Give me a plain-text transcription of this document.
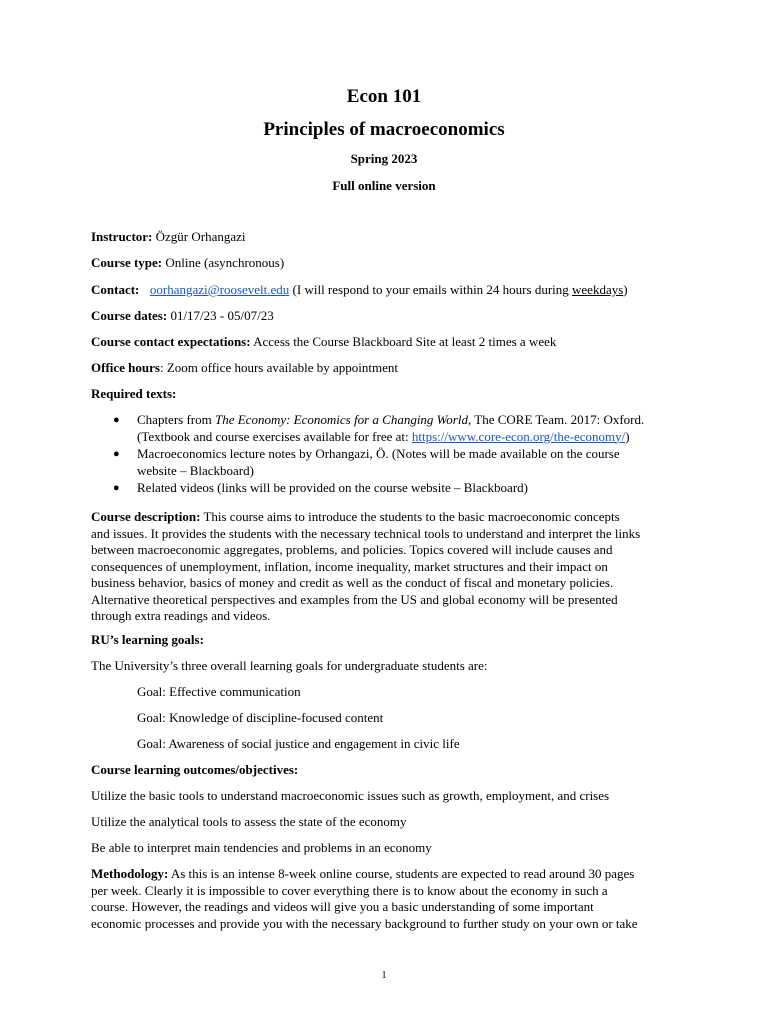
Econ 101
Principles of macroeconomics
Spring 2023
Full online version
Instructor: Özgür Orhangazi
Course type: Online (asynchronous)
Contact: oorhangazi@roosevelt.edu (I will respond to your emails within 24 hours during weekdays)
Course dates: 01/17/23 - 05/07/23
Course contact expectations: Access the Course Blackboard Site at least 2 times a week
Office hours: Zoom office hours available by appointment
Required texts:
● Chapters from The Economy: Economics for a Changing World, The CORE Team. 2017: Oxford.
(Textbook and course exercises available for free at: https://www.core-econ.org/the-economy/)
● Macroeconomics lecture notes by Orhangazi, Ö. (Notes will be made available on the course
website – Blackboard)
● Related videos (links will be provided on the course website – Blackboard)
Course description: This course aims to introduce the students to the basic macroeconomic concepts
and issues. It provides the students with the necessary technical tools to understand and interpret the links
between macroeconomic aggregates, problems, and policies. Topics covered will include causes and
consequences of unemployment, inflation, income inequality, market structures and their impact on
business behavior, basics of money and credit as well as the conduct of fiscal and monetary policies.
Alternative theoretical perspectives and examples from the US and global economy will be presented
through extra readings and videos.
RU’s learning goals:
The University’s three overall learning goals for undergraduate students are:
Goal: Effective communication
Goal: Knowledge of discipline-focused content
Goal: Awareness of social justice and engagement in civic life
Course learning outcomes/objectives:
Utilize the basic tools to understand macroeconomic issues such as growth, employment, and crises
Utilize the analytical tools to assess the state of the economy
Be able to interpret main tendencies and problems in an economy
Methodology: As this is an intense 8-week online course, students are expected to read around 30 pages
per week. Clearly it is impossible to cover everything there is to know about the economy in such a
course. However, the readings and videos will give you a basic understanding of some important
economic processes and provide you with the necessary background to further study on your own or take
1
